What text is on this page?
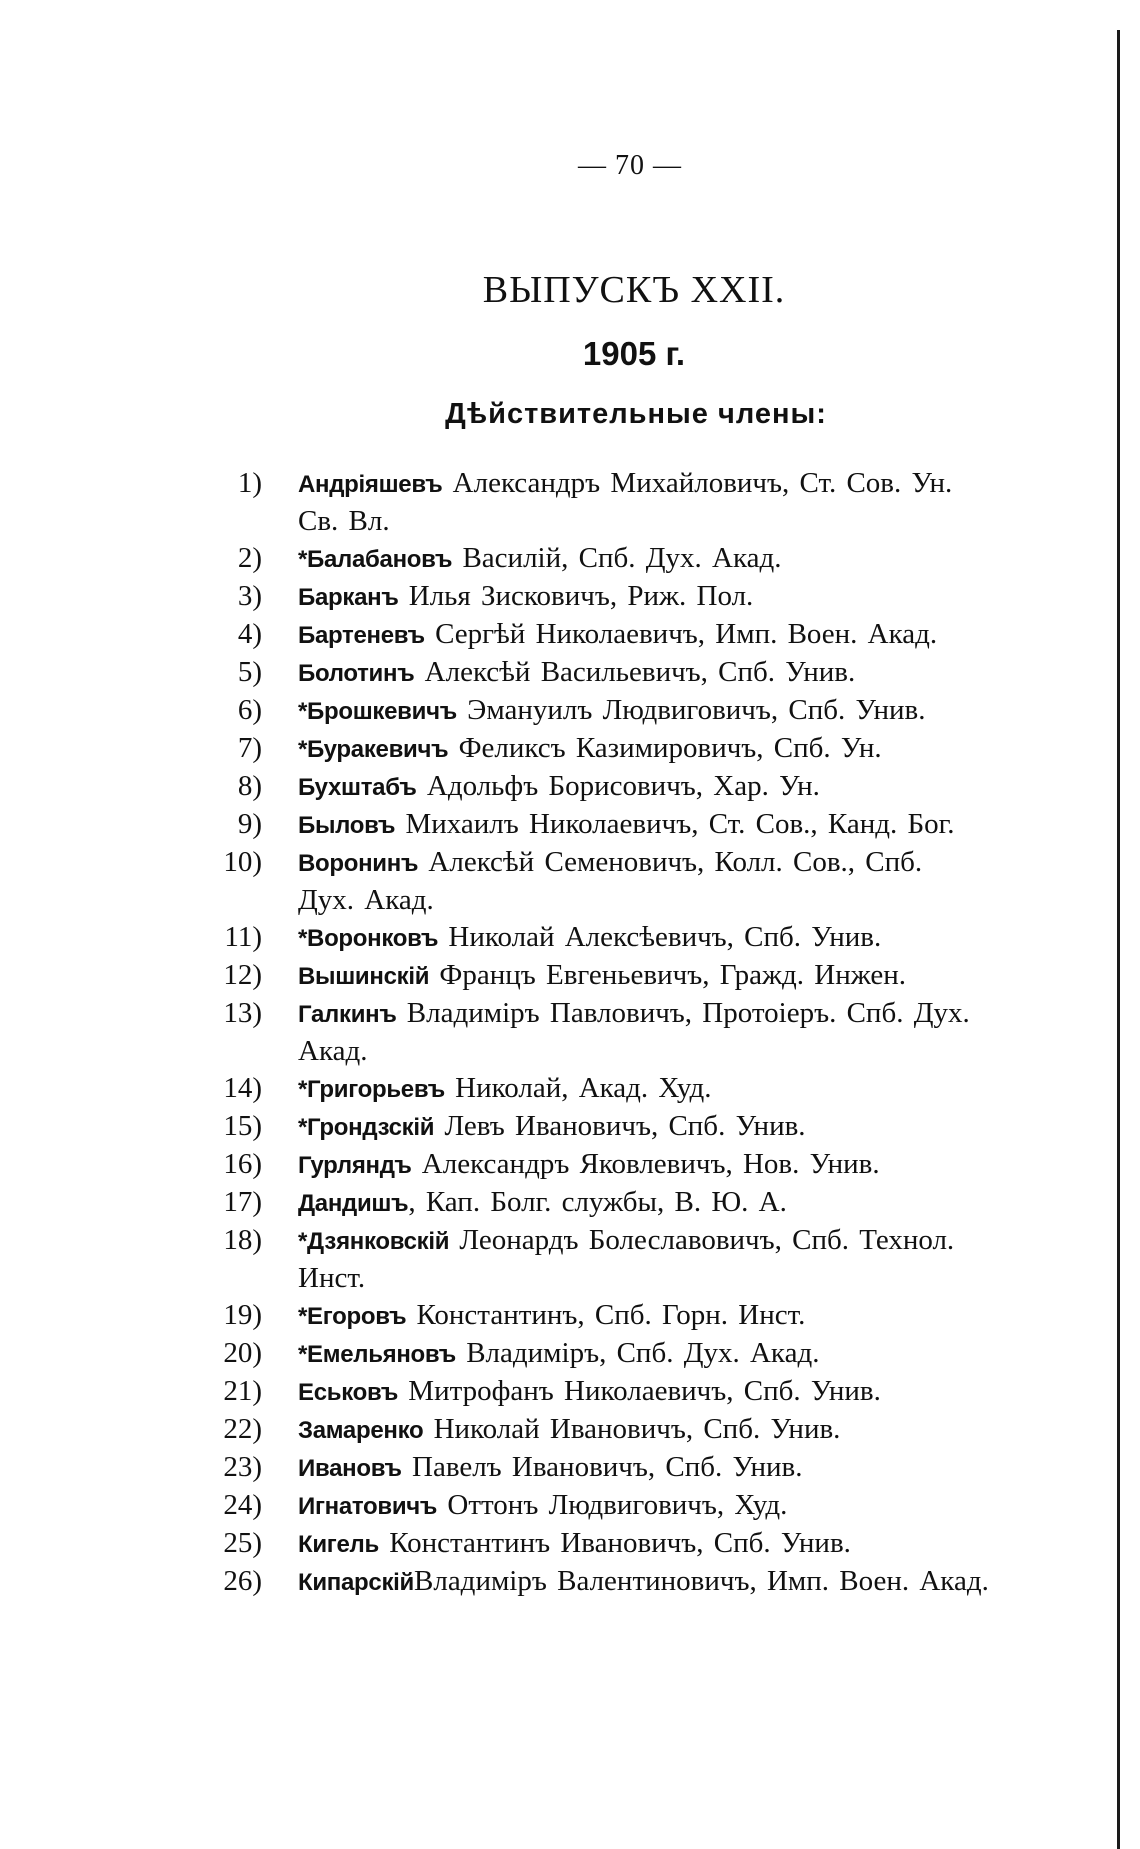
— 70 —
ВЫПУСКЪ XXII.
1905 г.
Дѣйствительные члены:
1) Андріяшевъ Александръ Михайловичъ, Ст. Сов. Ун.
Св. Вл.
2) *Балабановъ Василій, Спб. Дух. Акад.
3) Барканъ Илья Зисковичъ, Риж. Пол.
4) Бартеневъ Сергѣй Николаевичъ, Имп. Воен. Акад.
5) Болотинъ Алексѣй Васильевичъ, Спб. Унив.
6) *Брошкевичъ Эмануилъ Людвиговичъ, Спб. Унив.
7) *Буракевичъ Феликсъ Казимировичъ, Спб. Ун.
8) Бухштабъ Адольфъ Борисовичъ, Хар. Ун.
9) Быловъ Михаилъ Николаевичъ, Ст. Сов., Канд. Бог.
10) Воронинъ Алексѣй Семеновичъ, Колл. Сов., Спб.
Дух. Акад.
11) *Воронковъ Николай Алексѣевичъ, Спб. Унив.
12) Вышинскій Францъ Евгеньевичъ, Гражд. Инжен.
13) Галкинъ Владиміръ Павловичъ, Протоіеръ. Спб. Дух.
Акад.
14) *Григорьевъ Николай, Акад. Худ.
15) *Грондзскій Левъ Ивановичъ, Спб. Унив.
16) Гурляндъ Александръ Яковлевичъ, Нов. Унив.
17) Дандишъ, Кап. Болг. службы, В. Ю. А.
18) *Дзянковскій Леонардъ Болеславовичъ, Спб. Технол.
Инст.
19) *Егоровъ Константинъ, Спб. Горн. Инст.
20) *Емельяновъ Владиміръ, Спб. Дух. Акад.
21) Еськовъ Митрофанъ Николаевичъ, Спб. Унив.
22) Замаренко Николай Ивановичъ, Спб. Унив.
23) Ивановъ Павелъ Ивановичъ, Спб. Унив.
24) Игнатовичъ Оттонъ Людвиговичъ, Худ.
25) Кигель Константинъ Ивановичъ, Спб. Унив.
26) КипарскійВладиміръ Валентиновичъ, Имп. Воен. Акад.
